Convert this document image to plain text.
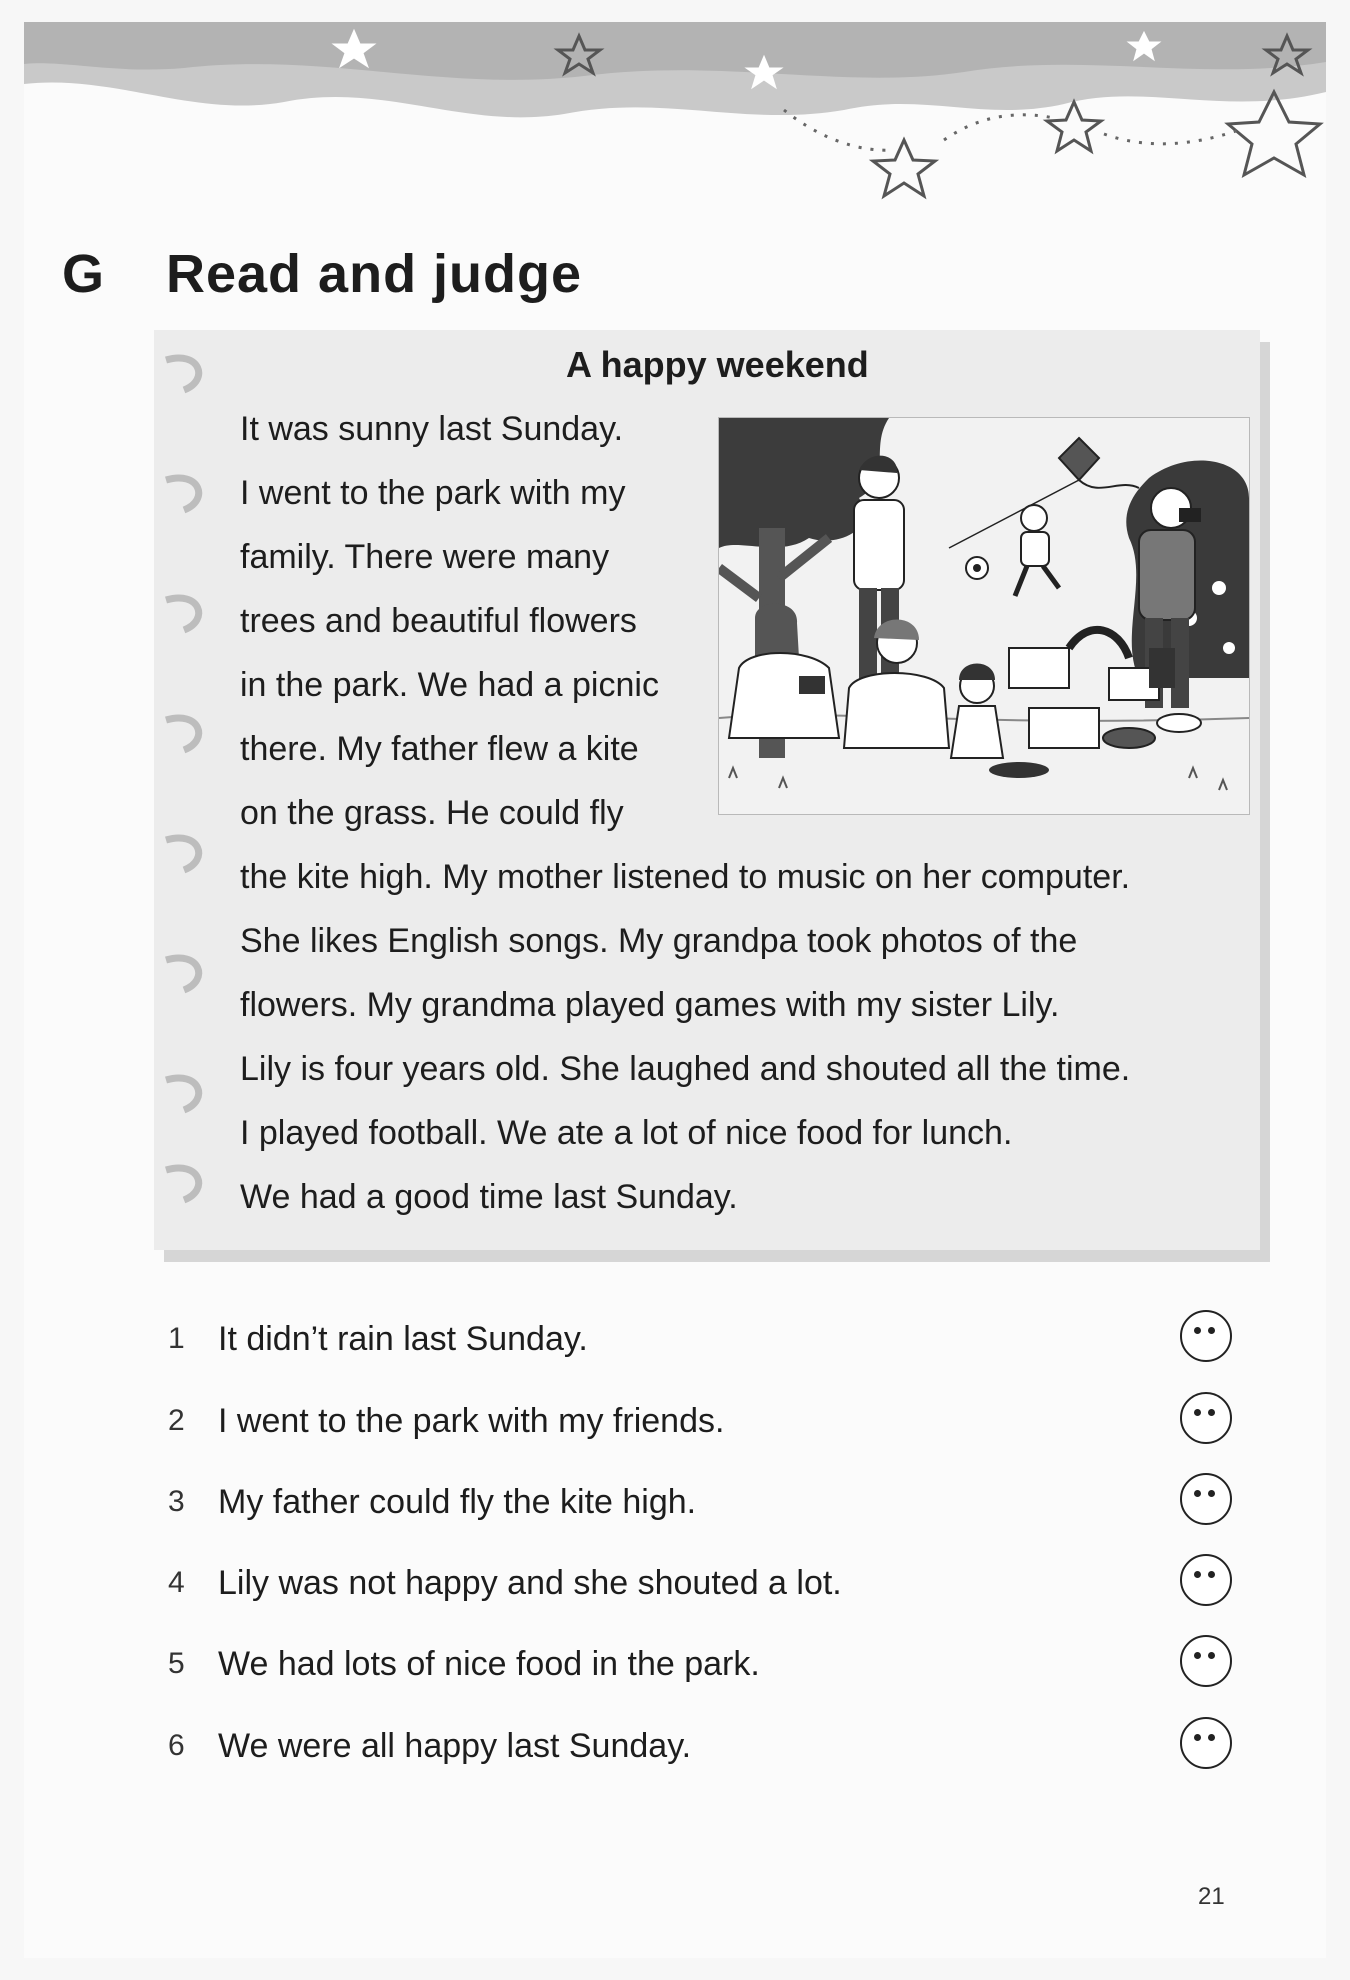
G Read and judge
A happy weekend
It was sunny last Sunday.
I went to the park with my
family. There were many
trees and beautiful flowers
in the park. We had a picnic
there. My father flew a kite
on the grass. He could fly
the kite high. My mother listened to music on her computer.
She likes English songs. My grandpa took photos of the
flowers. My grandma played games with my sister Lily.
Lily is four years old. She laughed and shouted all the time.
I played football. We ate a lot of nice food for lunch.
We had a good time last Sunday.
1 It didn’t rain last Sunday.
2 I went to the park with my friends.
3 My father could fly the kite high.
4 Lily was not happy and she shouted a lot.
5 We had lots of nice food in the park.
6 We were all happy last Sunday.
21
